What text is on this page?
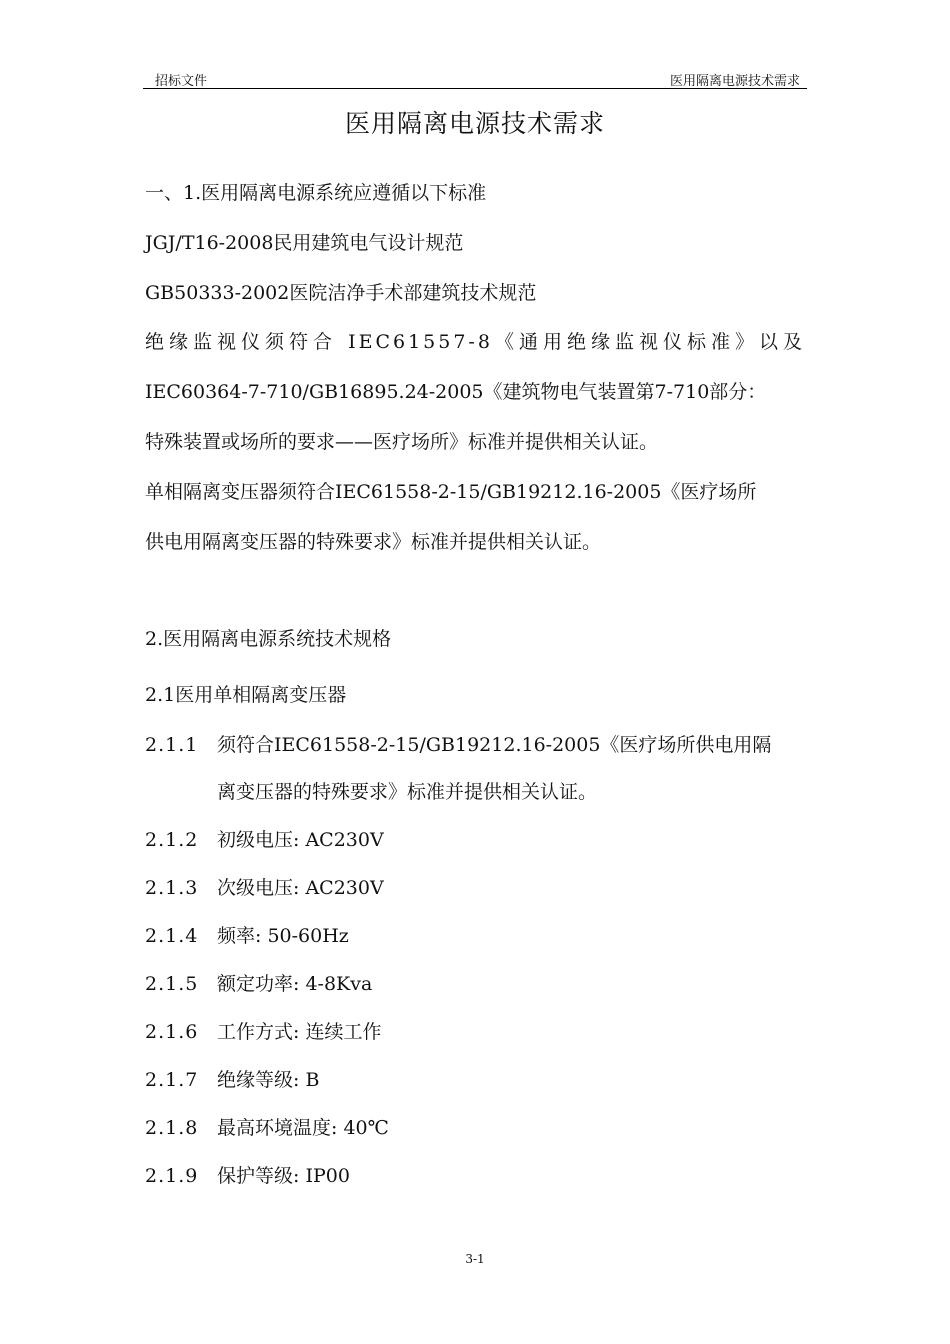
招标文件	医用隔离电源技术需求
医用隔离电源技术需求
一、1.医用隔离电源系统应遵循以下标准
JGJ/T16-2008民用建筑电气设计规范
GB50333-2002医院洁净手术部建筑技术规范
绝缘监视仪须符合 IEC61557-8《通用绝缘监视仪标准》以及
IEC60364-7-710/GB16895.24-2005《建筑物电气装置第7-710部分：
特殊装置或场所的要求——医疗场所》标准并提供相关认证。
单相隔离变压器须符合IEC61558-2-15/GB19212.16-2005《医疗场所
供电用隔离变压器的特殊要求》标准并提供相关认证。
2.医用隔离电源系统技术规格
2.1医用单相隔离变压器
2.1.1 须符合IEC61558-2-15/GB19212.16-2005《医疗场所供电用隔
离变压器的特殊要求》标准并提供相关认证。
2.1.2 初级电压: AC230V
2.1.3 次级电压: AC230V
2.1.4 频率: 50-60Hz
2.1.5 额定功率: 4-8Kva
2.1.6 工作方式: 连续工作
2.1.7 绝缘等级: B
2.1.8 最高环境温度: 40℃
2.1.9 保护等级: IP00
3-1
